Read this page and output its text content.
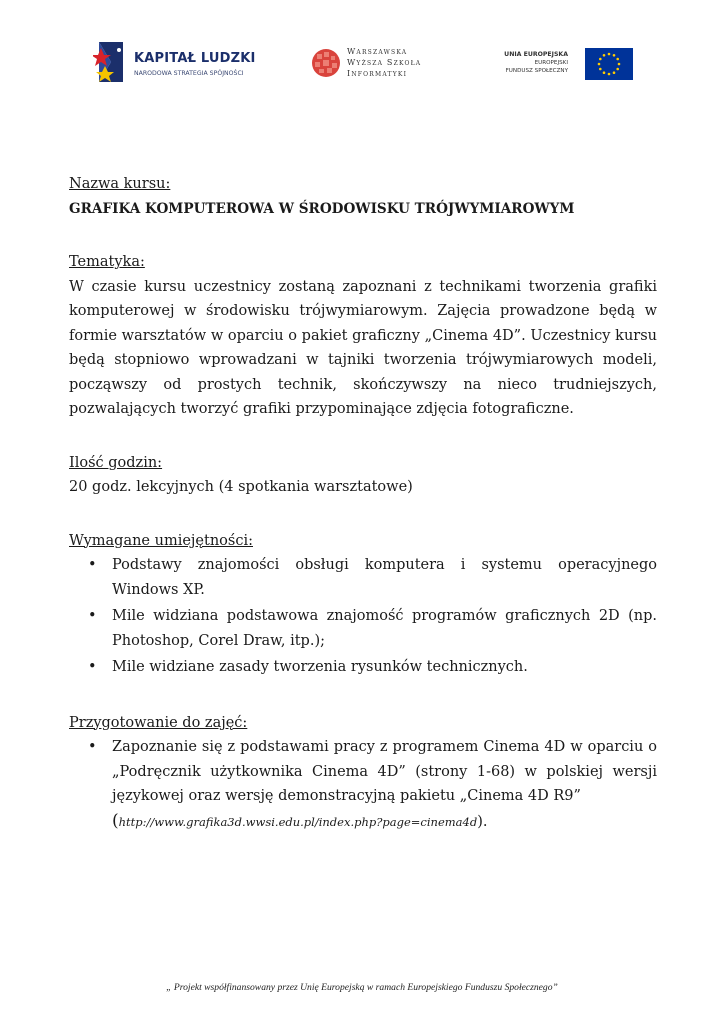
KAPITAŁ LUDZKI
NARODOWA STRATEGIA SPÓJNOŚCI
Warszawska
Wyższa Szkoła
Informatyki
UNIA EUROPEJSKA
EUROPEJSKI
FUNDUSZ SPOŁECZNY

Nazwa kursu:

GRAFIKA KOMPUTEROWA W ŚRODOWISKU TRÓJWYMIAROWYM

Tematyka:

W czasie kursu uczestnicy zostaną zapoznani z technikami tworzenia grafiki komputerowej w środowisku trójwymiarowym. Zajęcia prowadzone będą w formie warsztatów w oparciu o pakiet graficzny „Cinema 4D”. Uczestnicy kursu będą stopniowo wprowadzani w tajniki tworzenia trójwymiarowych modeli, począwszy od prostych technik, skończywszy na nieco trudniejszych, pozwalających tworzyć grafiki przypominające zdjęcia fotograficzne.

Ilość godzin:

20 godz. lekcyjnych (4 spotkania warsztatowe)

Wymagane umiejętności:

• Podstawy znajomości obsługi komputera i systemu operacyjnego Windows XP.
• Mile widziana podstawowa znajomość programów graficznych 2D (np. Photoshop, Corel Draw, itp.);
• Mile widziane zasady tworzenia rysunków technicznych.

Przygotowanie do zajęć:

• Zapoznanie się z podstawami pracy z programem Cinema 4D w oparciu o „Podręcznik użytkownika Cinema 4D” (strony 1-68) w polskiej wersji językowej oraz wersję demonstracyjną pakietu „Cinema 4D R9”
(http://www.grafika3d.wwsi.edu.pl/index.php?page=cinema4d).
„ Projekt współfinansowany przez Unię Europejską w ramach Europejskiego Funduszu Społecznego”
